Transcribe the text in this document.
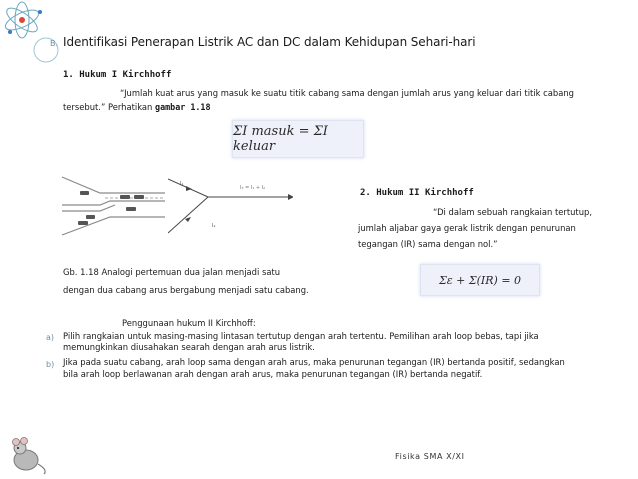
B. Identifikasi Penerapan Listrik AC dan DC dalam Kehidupan Sehari-hari
1. Hukum I Kirchhoff
“Jumlah kuat arus yang masuk ke suatu titik cabang sama dengan jumlah arus yang keluar dari titik cabang
tersebut.” Perhatikan gambar 1.18
ΣI masuk = ΣI keluar
I₁
I₂
I₃ = I₁ + I₂	2. Hukum II Kirchhoff
“Di dalam sebuah rangkaian tertutup,
jumlah aljabar gaya gerak listrik dengan penurunan
tegangan (IR) sama dengan nol.”
Gb. 1.18 Analogi pertemuan dua jalan menjadi satu
dengan dua cabang arus bergabung menjadi satu cabang.
Σε + Σ(IR) = 0
Penggunaan hukum II Kirchhoff:
a) Pilih rangkaian untuk masing-masing lintasan tertutup dengan arah tertentu. Pemilihan arah loop bebas, tapi jika
memungkinkan diusahakan searah dengan arah arus listrik.
b) Jika pada suatu cabang, arah loop sama dengan arah arus, maka penurunan tegangan (IR) bertanda positif, sedangkan
bila arah loop berlawanan arah dengan arah arus, maka penurunan tegangan (IR) bertanda negatif.
Fisika SMA X/XI
